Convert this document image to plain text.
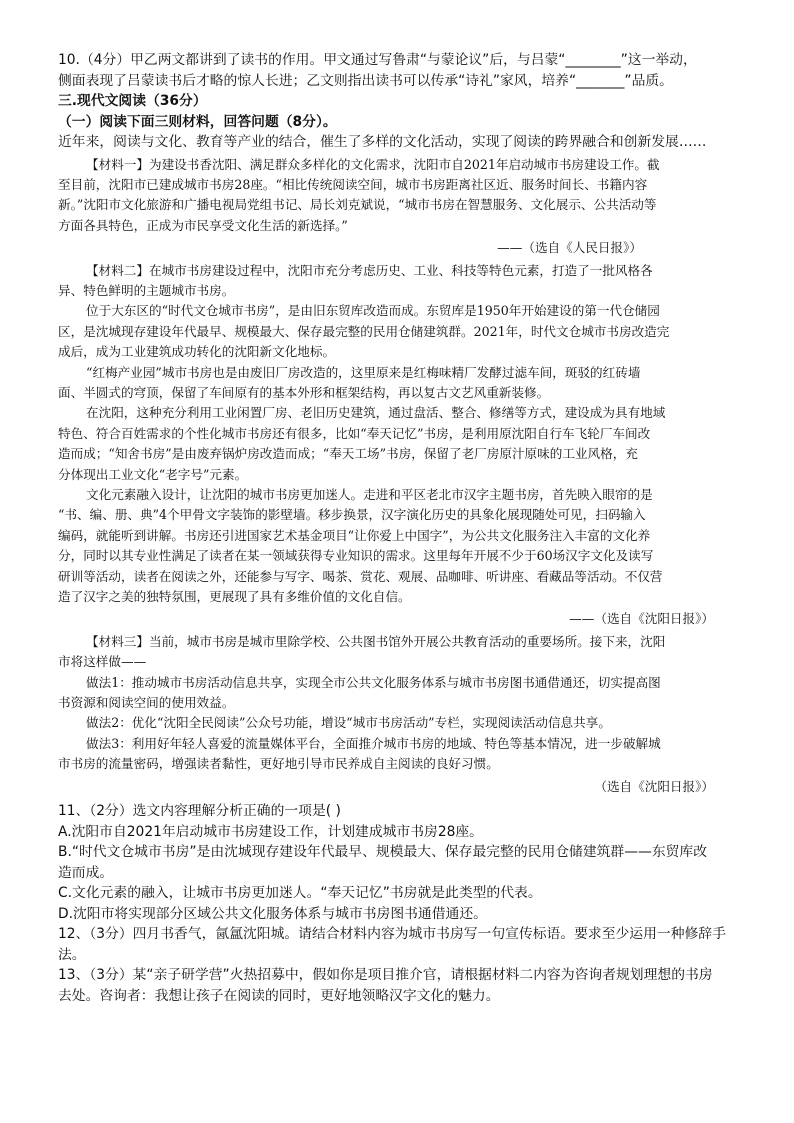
10.（4分）甲乙两文都讲到了读书的作用。甲文通过写鲁肃“与蒙论议”后，与吕蒙“________”这一举动，
侧面表现了吕蒙读书后才略的惊人长进；乙文则指出读书可以传承“诗礼”家风，培养“_______”品质。
三.现代文阅读（36分）
（一）阅读下面三则材料，回答问题（8分）。
近年来，阅读与文化、教育等产业的结合，催生了多样的文化活动，实现了阅读的跨界融合和创新发展……
【材料一】为建设书香沈阳、满足群众多样化的文化需求，沈阳市自2021年启动城市书房建设工作。截
至目前，沈阳市已建成城市书房28座。“相比传统阅读空间，城市书房距离社区近、服务时间长、书籍内容
新。”沈阳市文化旅游和广播电视局党组书记、局长刘克斌说，“城市书房在智慧服务、文化展示、公共活动等
方面各具特色，正成为市民享受文化生活的新选择。”
——（选自《人民日报》）
【材料二】在城市书房建设过程中，沈阳市充分考虑历史、工业、科技等特色元素，打造了一批风格各
异、特色鲜明的主题城市书房。
位于大东区的“时代文仓城市书房”，是由旧东贸库改造而成。东贸库是1950年开始建设的第一代仓储园
区，是沈城现存建设年代最早、规模最大、保存最完整的民用仓储建筑群。2021年，时代文仓城市书房改造完
成后，成为工业建筑成功转化的沈阳新文化地标。
“红梅产业园”城市书房也是由废旧厂房改造的，这里原来是红梅味精厂发酵过滤车间，斑驳的红砖墙
面、半圆式的穹顶，保留了车间原有的基本外形和框架结构，再以复古文艺风重新装修。
在沈阳，这种充分利用工业闲置厂房、老旧历史建筑，通过盘活、整合、修缮等方式，建设成为具有地域
特色、符合百姓需求的个性化城市书房还有很多，比如“奉天记忆”书房，是利用原沈阳自行车飞轮厂车间改
造而成；“知舍书房”是由废弃锅炉房改造而成；“奉天工场”书房，保留了老厂房原汁原味的工业风格，充
分体现出工业文化“老字号”元素。
文化元素融入设计，让沈阳的城市书房更加迷人。走进和平区老北市汉字主题书房，首先映入眼帘的是
“书、编、册、典”4个甲骨文字装饰的影壁墙。移步换景，汉字演化历史的具象化展现随处可见，扫码输入
编码，就能听到讲解。书房还引进国家艺术基金项目“让你爱上中国字”，为公共文化服务注入丰富的文化养
分，同时以其专业性满足了读者在某一领域获得专业知识的需求。这里每年开展不少于60场汉字文化及读写
研训等活动，读者在阅读之外，还能参与写字、喝茶、赏花、观展、品咖啡、听讲座、看藏品等活动。不仅营
造了汉字之美的独特氛围，更展现了具有多维价值的文化自信。
——（选自《沈阳日报》）
【材料三】当前，城市书房是城市里除学校、公共图书馆外开展公共教育活动的重要场所。接下来，沈阳
市将这样做——
做法1：推动城市书房活动信息共享，实现全市公共文化服务体系与城市书房图书通借通还，切实提高图
书资源和阅读空间的使用效益。
做法2：优化“沈阳全民阅读”公众号功能，增设“城市书房活动”专栏，实现阅读活动信息共享。
做法3：利用好年轻人喜爱的流量媒体平台，全面推介城市书房的地域、特色等基本情况，进一步破解城
市书房的流量密码，增强读者黏性，更好地引导市民养成自主阅读的良好习惯。
（选自《沈阳日报》）
11、（2分）选文内容理解分析正确的一项是( )
A.沈阳市自2021年启动城市书房建设工作，计划建成城市书房28座。
B.“时代文仓城市书房”是由沈城现存建设年代最早、规模最大、保存最完整的民用仓储建筑群——东贸库改
造而成。
C.文化元素的融入，让城市书房更加迷人。“奉天记忆”书房就是此类型的代表。
D.沈阳市将实现部分区域公共文化服务体系与城市书房图书通借通还。
12、（3分）四月书香气，氤氲沈阳城。请结合材料内容为城市书房写一句宣传标语。要求至少运用一种修辞手
法。
13、（3分）某“亲子研学营”火热招募中，假如你是项目推介官，请根据材料二内容为咨询者规划理想的书房
去处。咨询者：我想让孩子在阅读的同时，更好地领略汉字文化的魅力。
